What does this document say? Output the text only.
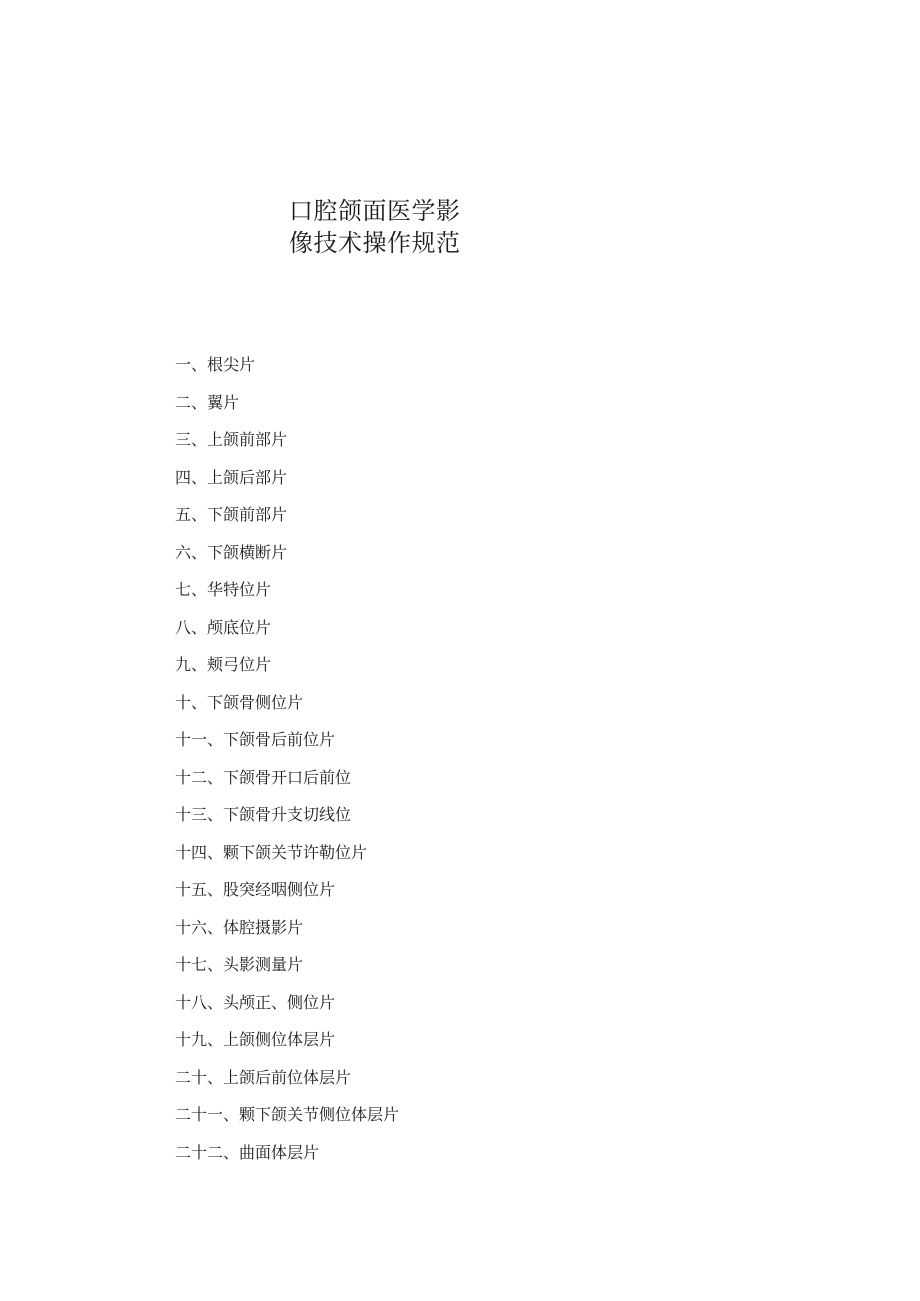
口腔颌面医学影
像技术操作规范
一、根尖片
二、翼片
三、上颌前部片
四、上颌后部片
五、下颌前部片
六、下颌横断片
七、华特位片
八、颅底位片
九、颊弓位片
十、下颌骨侧位片
十一、下颌骨后前位片
十二、下颌骨开口后前位
十三、下颌骨升支切线位
十四、颗下颌关节许勒位片
十五、股突经咽侧位片
十六、体腔摄影片
十七、头影测量片
十八、头颅正、侧位片
十九、上颌侧位体层片
二十、上颌后前位体层片
二十一、颗下颌关节侧位体层片
二十二、曲面体层片
